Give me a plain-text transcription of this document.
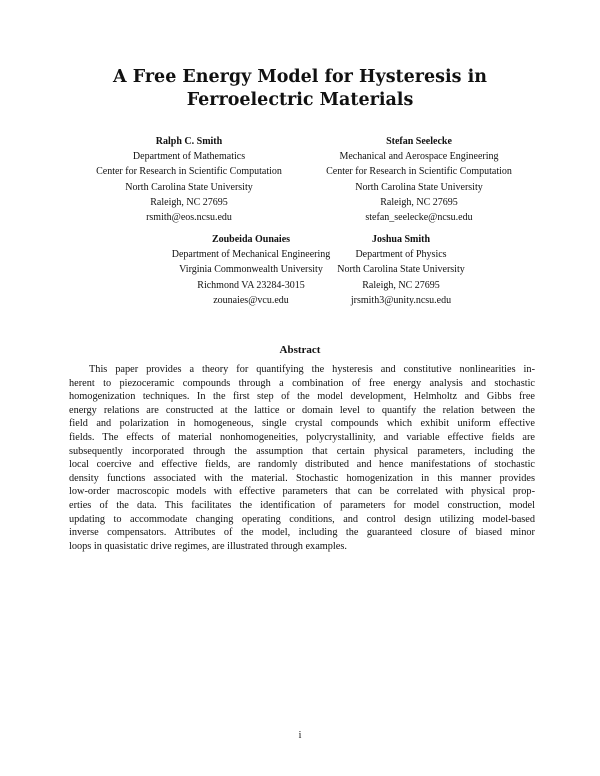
A Free Energy Model for Hysteresis in
Ferroelectric Materials
Ralph C. Smith
Department of Mathematics
Center for Research in Scientific Computation
North Carolina State University
Raleigh, NC 27695
rsmith@eos.ncsu.edu
Stefan Seelecke
Mechanical and Aerospace Engineering
Center for Research in Scientific Computation
North Carolina State University
Raleigh, NC 27695
stefan_seelecke@ncsu.edu
Zoubeida Ounaies
Department of Mechanical Engineering
Virginia Commonwealth University
Richmond VA 23284-3015
zounaies@vcu.edu
Joshua Smith
Department of Physics
North Carolina State University
Raleigh, NC 27695
jrsmith3@unity.ncsu.edu
Abstract
This paper provides a theory for quantifying the hysteresis and constitutive nonlinearities in-
herent to piezoceramic compounds through a combination of free energy analysis and stochastic
homogenization techniques. In the first step of the model development, Helmholtz and Gibbs free
energy relations are constructed at the lattice or domain level to quantify the relation between the
field and polarization in homogeneous, single crystal compounds which exhibit uniform effective
fields. The effects of material nonhomogeneities, polycrystallinity, and variable effective fields are
subsequently incorporated through the assumption that certain physical parameters, including the
local coercive and effective fields, are randomly distributed and hence manifestations of stochastic
density functions associated with the material. Stochastic homogenization in this manner provides
low-order macroscopic models with effective parameters that can be correlated with physical prop-
erties of the data. This facilitates the identification of parameters for model construction, model
updating to accommodate changing operating conditions, and control design utilizing model-based
inverse compensators. Attributes of the model, including the guaranteed closure of biased minor
loops in quasistatic drive regimes, are illustrated through examples.
i
